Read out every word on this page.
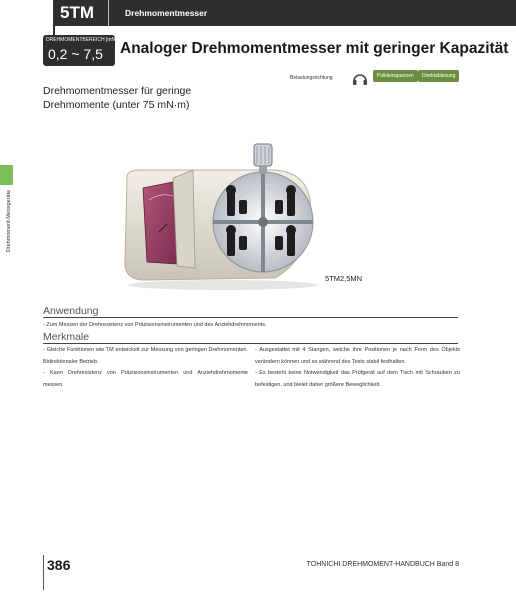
Drehmoment-Messgeräte
5TM	Drehmomentmesser
DREHMOMENTBEREICH [mN·m]
0,2 ~ 7,5 Analoger Drehmomentmesser mit geringer Kapazität
Belastungsrichtung	Polkleinspannen	Direktablesung
Drehmomentmesser für geringe
Drehmomente (unter 75 mN·m)
5TM2,5MN
Anwendung
- Zum Messen der Drehresistenz von Präzisionsinstrumenten und des Anziehdrehmoments.
Merkmale
- Gleiche Funktionen wie TM entwickelt zur Messung von geringen Drehmomenten. Bidirektionaler Betrieb.
- Kann Drehresistenz von Präzisionsinstrumenten und Anziehdrehmomente messen.
- Ausgestattet mit 4 Stangen, welche ihre Positionen je nach Form des Objekts verändern können und es während des Tests stabil festhalten.
- Es besteht keine Notwendigkeit das Prüfgerät auf dem Tisch mit Schrauben zu befestigen, und bietet daher größere Beweglichkeit.
386	TOHNICHI DREHMOMENT-HANDBUCH Band 8
